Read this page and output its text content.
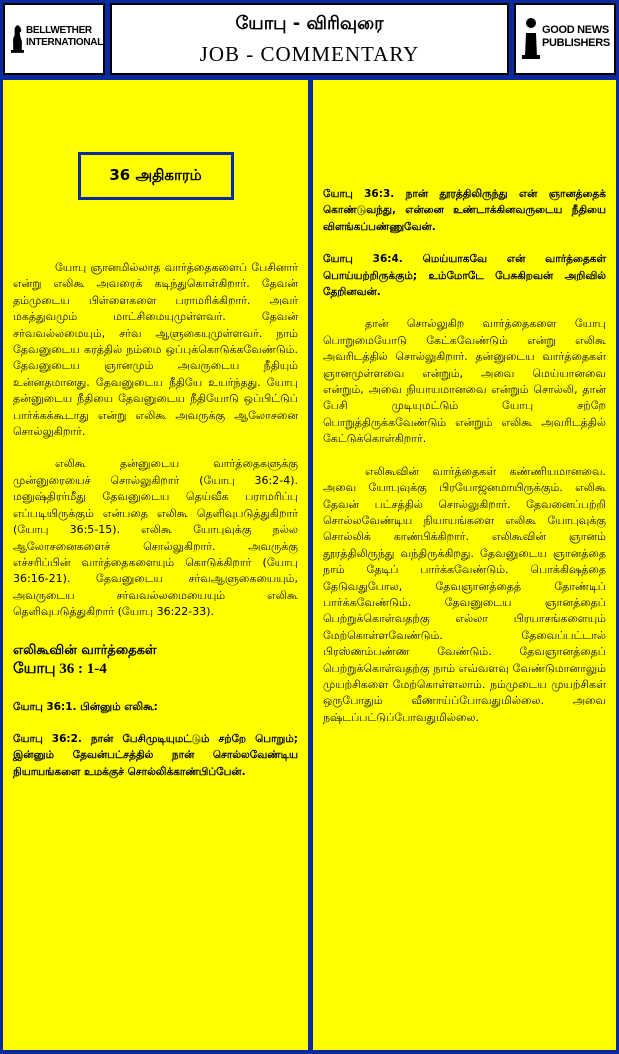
BELLWETHER
INTERNATIONAL
யோபு - விரிவுரை
JOB - COMMENTARY
GOOD NEWS
PUBLISHERS
36 அதிகாரம்

யோபு ஞானமில்லாத வார்த்தைகளைப் பேசினார் என்று எலிகூ அவரைக் கடிந்துகொள்கிறார். தேவன் தம்முடைய பிள்ளைகளை பராமரிக்கிறார். அவர் மகத்துவமும் மாட்சிமையுமுள்ளவர். தேவன் சர்வவல்லமையும், சர்வ ஆளுகையுமுள்ளவர். நாம் தேவனுடைய கரத்தில் நம்மை ஒப்புக்கொடுக்கவேண்டும். தேவனுடைய ஞானமும் அவருடைய நீதியும் உன்னதமானது. தேவனுடைய நீதியே உயர்ந்தது. யோபு தன்னுடைய நீதியை தேவனுடைய நீதியோடு ஒப்பிட்டுப் பார்க்கக்கூடாது என்று எலிகூ அவருக்கு ஆலோசனை சொல்லுகிறார்.

எலிகூ தன்னுடைய வார்த்தைகளுக்கு முன்னுரையைச் சொல்லுகிறார் (யோபு 36:2-4). மனுஷ்திரர்மீது தேவனுடைய தெய்வீக பராமரிப்பு எப்படியிருக்கும் என்பதை எலிகூ தெளிவுபடுத்துகிறார் (யோபு 36:5-15). எலிகூ யோபுவுக்கு நல்ல ஆலோசனைகளைச் சொல்லுகிறார். அவருக்கு எச்சரிப்பின் வார்த்தைகளையும் கொடுக்கிறார் (யோபு 36:16-21). தேவனுடைய சர்வஆளுகையையும், அவருடைய சர்வவல்லமையையும் எலிகூ தெளிவுபடுத்துகிறார் (யோபு 36:22-33).

எலிகூவின் வார்த்தைகள்
யோபு 36 : 1-4

யோபு 36:1. பின்னும் எலிகூ:

யோபு 36:2. நான் பேசிமுடியுமட்டும் சற்றே பொறும்; இன்னும் தேவன்பட்சத்தில் நான் சொல்லவேண்டிய நியாயங்களை உமக்குச் சொல்லிக்காண்பிப்பேன்.

யோபு 36:3. நான் தூரத்திலிருந்து என் ஞானத்தைக் கொண்டுவந்து, என்னை உண்டாக்கினவருடைய நீதியை விளங்கப்பண்ணுவேன்.

யோபு 36:4. மெய்யாகவே என் வார்த்தைகள் பொய்யற்றிருக்கும்; உம்மோடே பேசுகிறவன் அறிவில் தேறினவன்.

தான் சொல்லுகிற வார்த்தைகளை யோபு பொறுமையோடு கேட்கவேண்டும் என்று எலிகூ அவரிடத்தில் சொல்லுகிறார். தன்னுடைய வார்த்தைகள் ஞானமுள்ளவை என்றும், அவை மெய்யானவை என்றும், அவை நியாயமானவை என்றும் சொல்லி, தான் பேசி முடியுமட்டும் யோபு சற்றே பொறுத்திருக்கவேண்டும் என்றும் எலிகூ அவரிடத்தில் கேட்டுக்கொள்கிறார்.

எலிகூவின் வார்த்தைகள் கண்ணியமானவை. அவை யோபுவுக்கு பிரயோஜனமாயிருக்கும். எலிகூ தேவன் பட்சத்தில் சொல்லுகிறார். தேவனைப்பற்றி சொல்லவேண்டிய நியாயங்களை எலிகூ யோபுவுக்கு சொல்லிக் காண்பிக்கிறார். எலிகூவின் ஞானம் தூரத்திலிருந்து வந்திருக்கிறது. தேவனுடைய ஞானத்தை நாம் தேடிப் பார்க்கவேண்டும். பொக்கிஷத்தை தேடுவதுபோல, தேவஞானத்தைத் தோண்டிப் பார்க்கவேண்டும். தேவனுடைய ஞானத்தைப் பெற்றுக்கொள்வதற்கு எல்லா பிரயாசங்களையும் மேற்கொள்ளவேண்டும். தேவைப்பட்டால் பிரஸ்ணம்பண்ண வேண்டும். தேவஞானத்தைப் பெற்றுக்கொள்வதற்கு நாம் எவ்வளவு வேண்டுமானாலும் முயற்சிகளை மேற்கொள்ளலாம். நம்முடைய முயற்சிகள் ஒருபோதும் வீணாய்ப்போவதுமில்லை. அவை நஷ்டப்பட்டுப்போவதுமில்லை.
